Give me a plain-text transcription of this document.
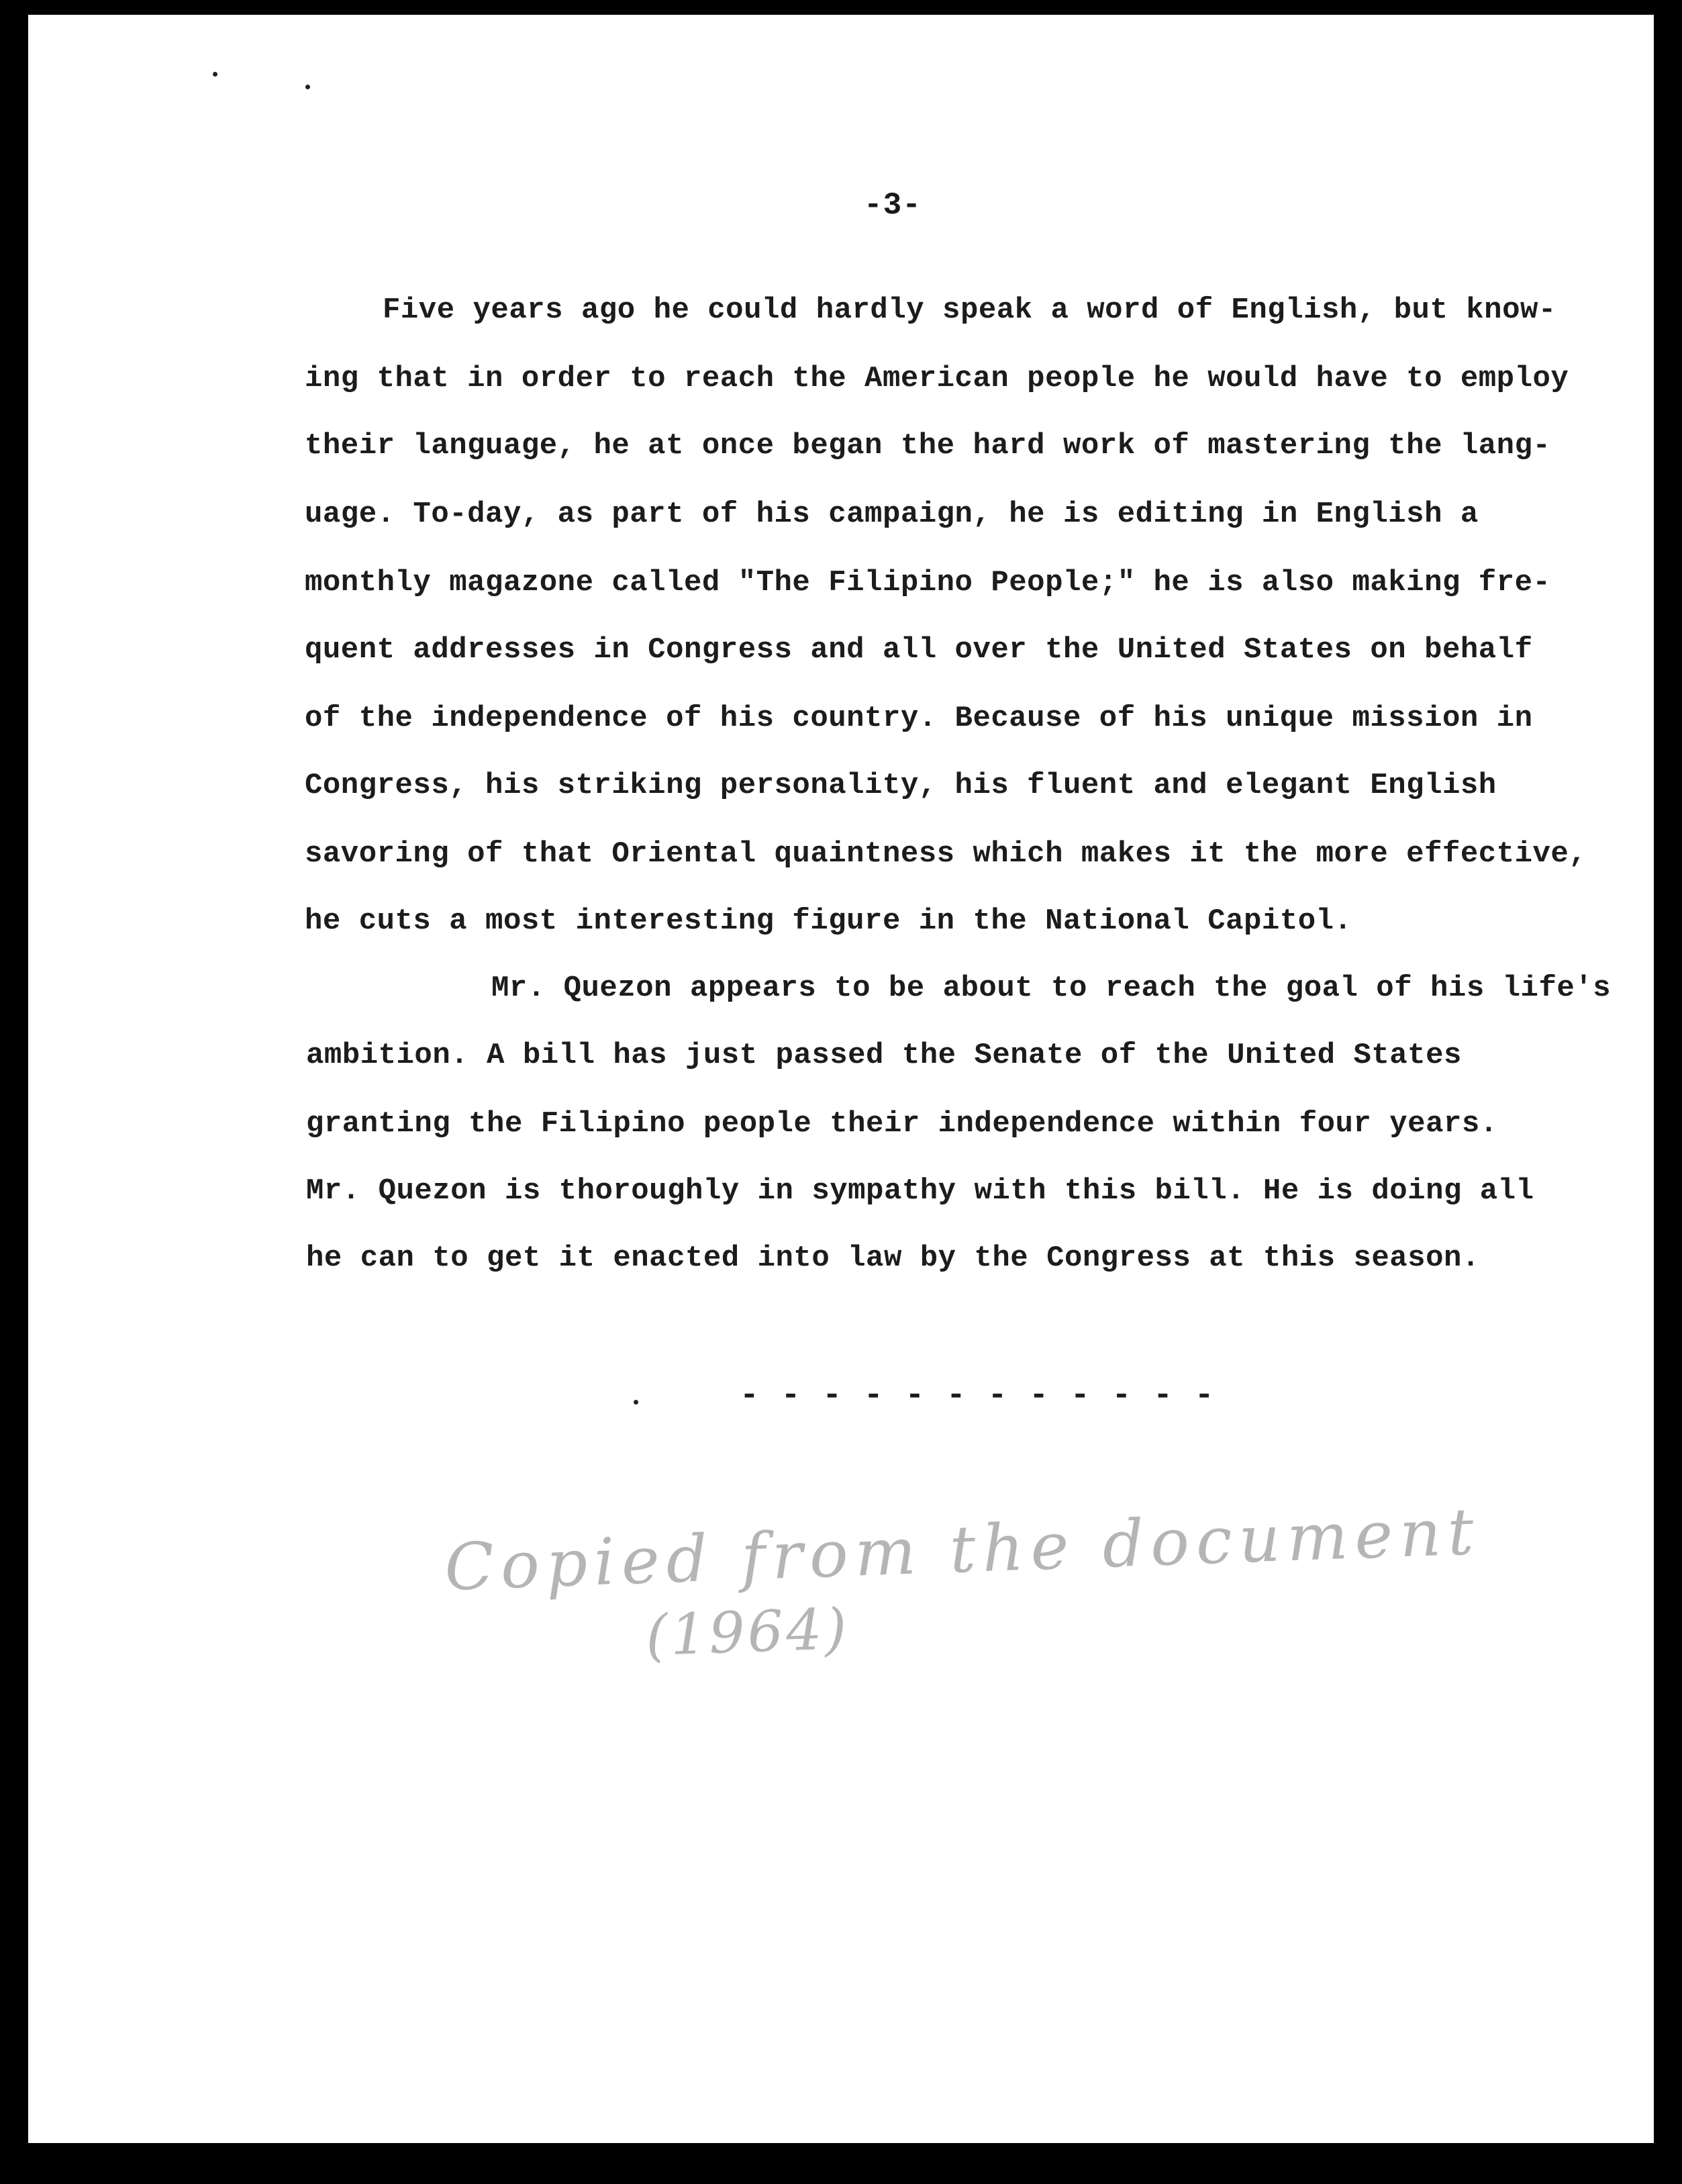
-3-
Five years ago he could hardly speak a word of English, but know-
ing that in order to reach the American people he would have to employ
their language, he at once began the hard work of mastering the lang-
uage. To-day, as part of his campaign, he is editing in English a
monthly magazone called "The Filipino People;" he is also making fre-
quent addresses in Congress and all over the United States on behalf
of the independence of his country. Because of his unique mission in
Congress, his striking personality, his fluent and elegant English
savoring of that Oriental quaintness which makes it the more effective,
he cuts a most interesting figure in the National Capitol.
Mr. Quezon appears to be about to reach the goal of his life's
ambition. A bill has just passed the Senate of the United States
granting the Filipino people their independence within four years.
Mr. Quezon is thoroughly in sympathy with this bill. He is doing all
he can to get it enacted into law by the Congress at this season.
- - - - - - - - - - - -
Copied from the document
(1964)
